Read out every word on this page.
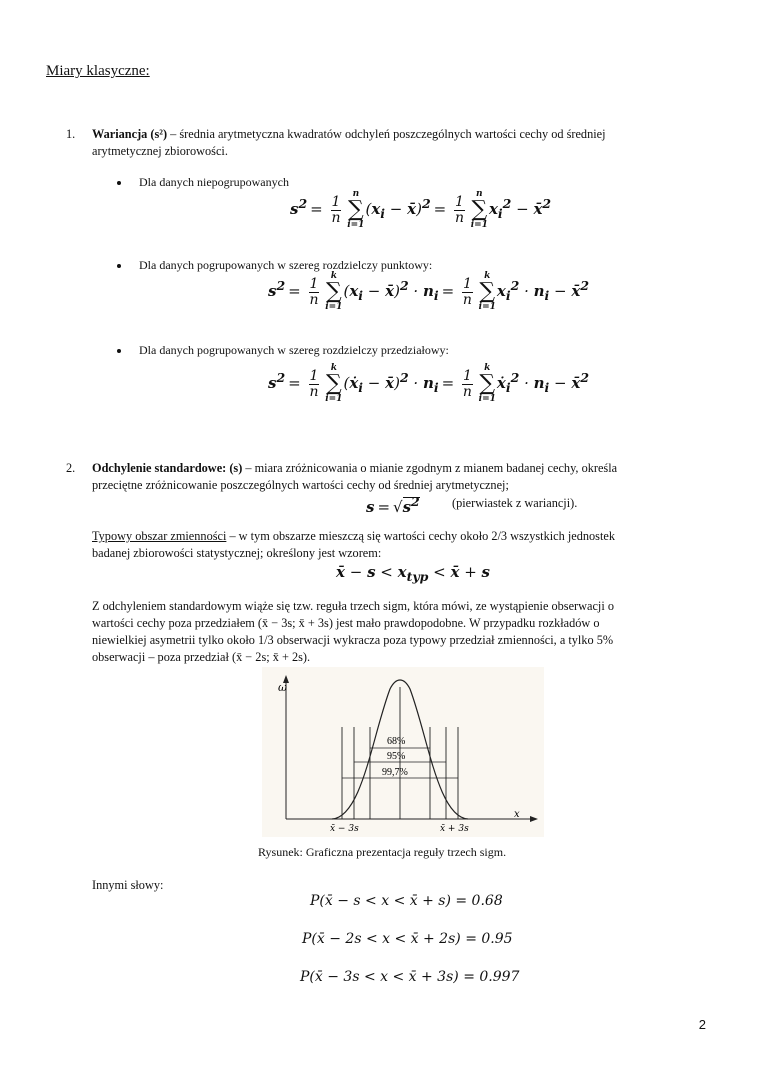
Miary klasyczne:
1. Wariancja (s²) – średnia arytmetyczna kwadratów odchyleń poszczególnych wartości cechy od średniej
arytmetycznej zbiorowości.
Dla danych niepogrupowanych
$s^2 = \frac{1}{n}$

n
∑
i=1
($x_i$ − x̄)$^2$ = $\frac{1}{n}$

n
∑
i=1
$x_i^2$ − x̄$^2$
Dla danych pogrupowanych w szereg rozdzielczy punktowy:
$s^2 = \frac{1}{n}$

k
∑
i=1
($x_i$ − x̄)$^2$ · $n_i = \frac{1}{n}$

k
∑
i=1
$x_i^2 \cdot n_i$ − x̄$^2$
Dla danych pogrupowanych w szereg rozdzielczy przedziałowy:
$s^2 = \frac{1}{n}$

k
∑
i=1
(ẋ$_i$ − x̄)$^2$ · $n_i = \frac{1}{n}$

k
∑
i=1
ẋ$_i^2$ · $n_i$ − x̄$^2$
2. Odchylenie standardowe: (s) – miara zróżnicowania o mianie zgodnym z mianem badanej cechy, określa
przeciętne zróżnicowanie poszczególnych wartości cechy od średniej arytmetycznej;
$s = √s^2$	(pierwiastek z wariancji).
Typowy obszar zmienności – w tym obszarze mieszczą się wartości cechy około 2/3 wszystkich jednostek
badanej zbiorowości statystycznej; określony jest wzorem:
x̄ − $s < x_{typ}$ < x̄ + s
Z odchyleniem standardowym wiąże się tzw. reguła trzech sigm, która mówi, ze wystąpienie obserwacji o
wartości cechy poza przedziałem (x̄ − 3s; x̄ + 3s) jest mało prawdopodobne. W przypadku rozkładów o
niewielkiej asymetrii tylko około 1/3 obserwacji wykracza poza typowy przedział zmienności, a tylko 5%
obserwacji – poza przedział (x̄ − 2s; x̄ + 2s).
ω
x
68%
95%
99,7%
x̄ − 3s	x̄ + 3s
Rysunek: Graficzna prezentacja reguły trzech sigm.
Innymi słowy:
P(x̄ − s < x < x̄ + s) = 0.68
P(x̄ − 2s < x < x̄ + 2s) = 0.95
P(x̄ − 3s < x < x̄ + 3s) = 0.997
2
